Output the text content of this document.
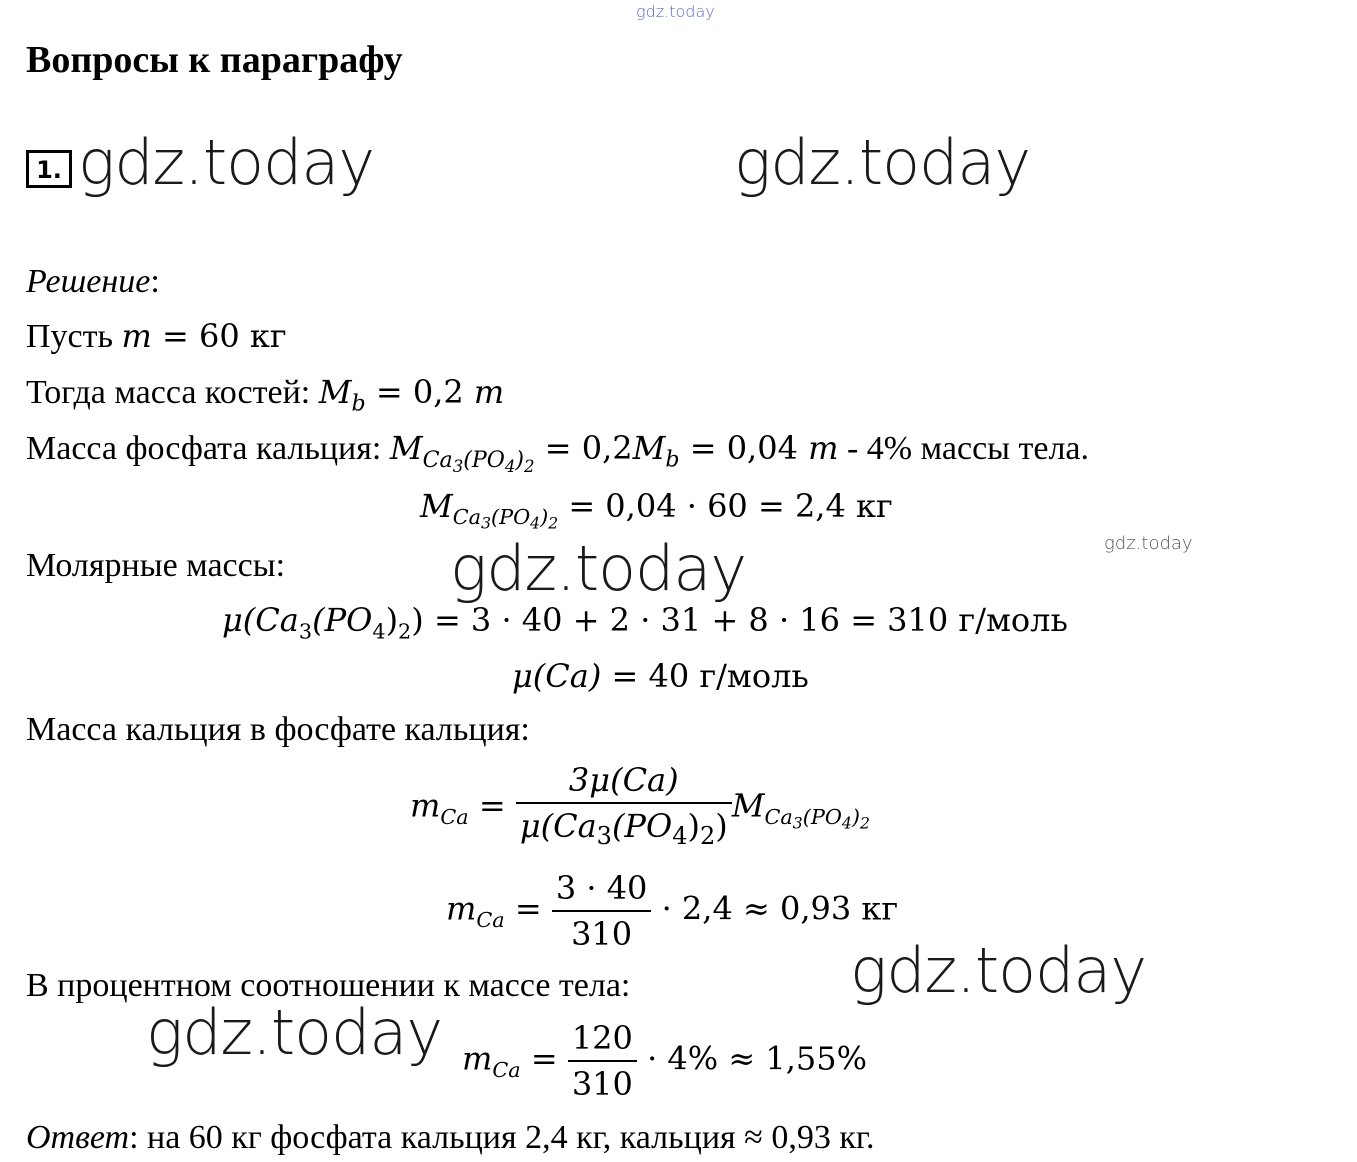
gdz.today
Вопросы к параграфу
1. gdz.today	gdz.today
Решение:
Пусть m = 60 кг
Тогда масса костей: $M_b = 0,2$ m
Масса фосфата кальция: $M_{Ca_3(PO_4)_2} = 0,2M_b = 0,04$ m - 4% массы тела.
$M_{Ca_3(PO_4)_2} = 0,04 \cdot 60 = 2,4$ кг
gdz.today
Молярные массы:	gdz.today
$\mu(Ca_3(PO_4)_2) = 3 \cdot 40 + 2 \cdot 31 + 8 \cdot 16 = 310$ г/моль
μ(Ca) = 40 г/моль
Масса кальция в фосфате кальция:
$m_{Ca} = \frac{3\mu(Ca)}{\mu(Ca_3(PO_4)_2)} M_{Ca_3(PO_4)_2}$
$m_{Ca} = \frac{3 \cdot 40}{310} \cdot 2,4 \approx 0,93$ кг
В процентном соотношении к массе тела:	gdz.today
gdz.today $m_{Ca} = \frac{120}{310} \cdot 4\% \approx 1,55\%$
Ответ: на 60 кг фосфата кальция 2,4 кг, кальция ≈ 0,93 кг.
